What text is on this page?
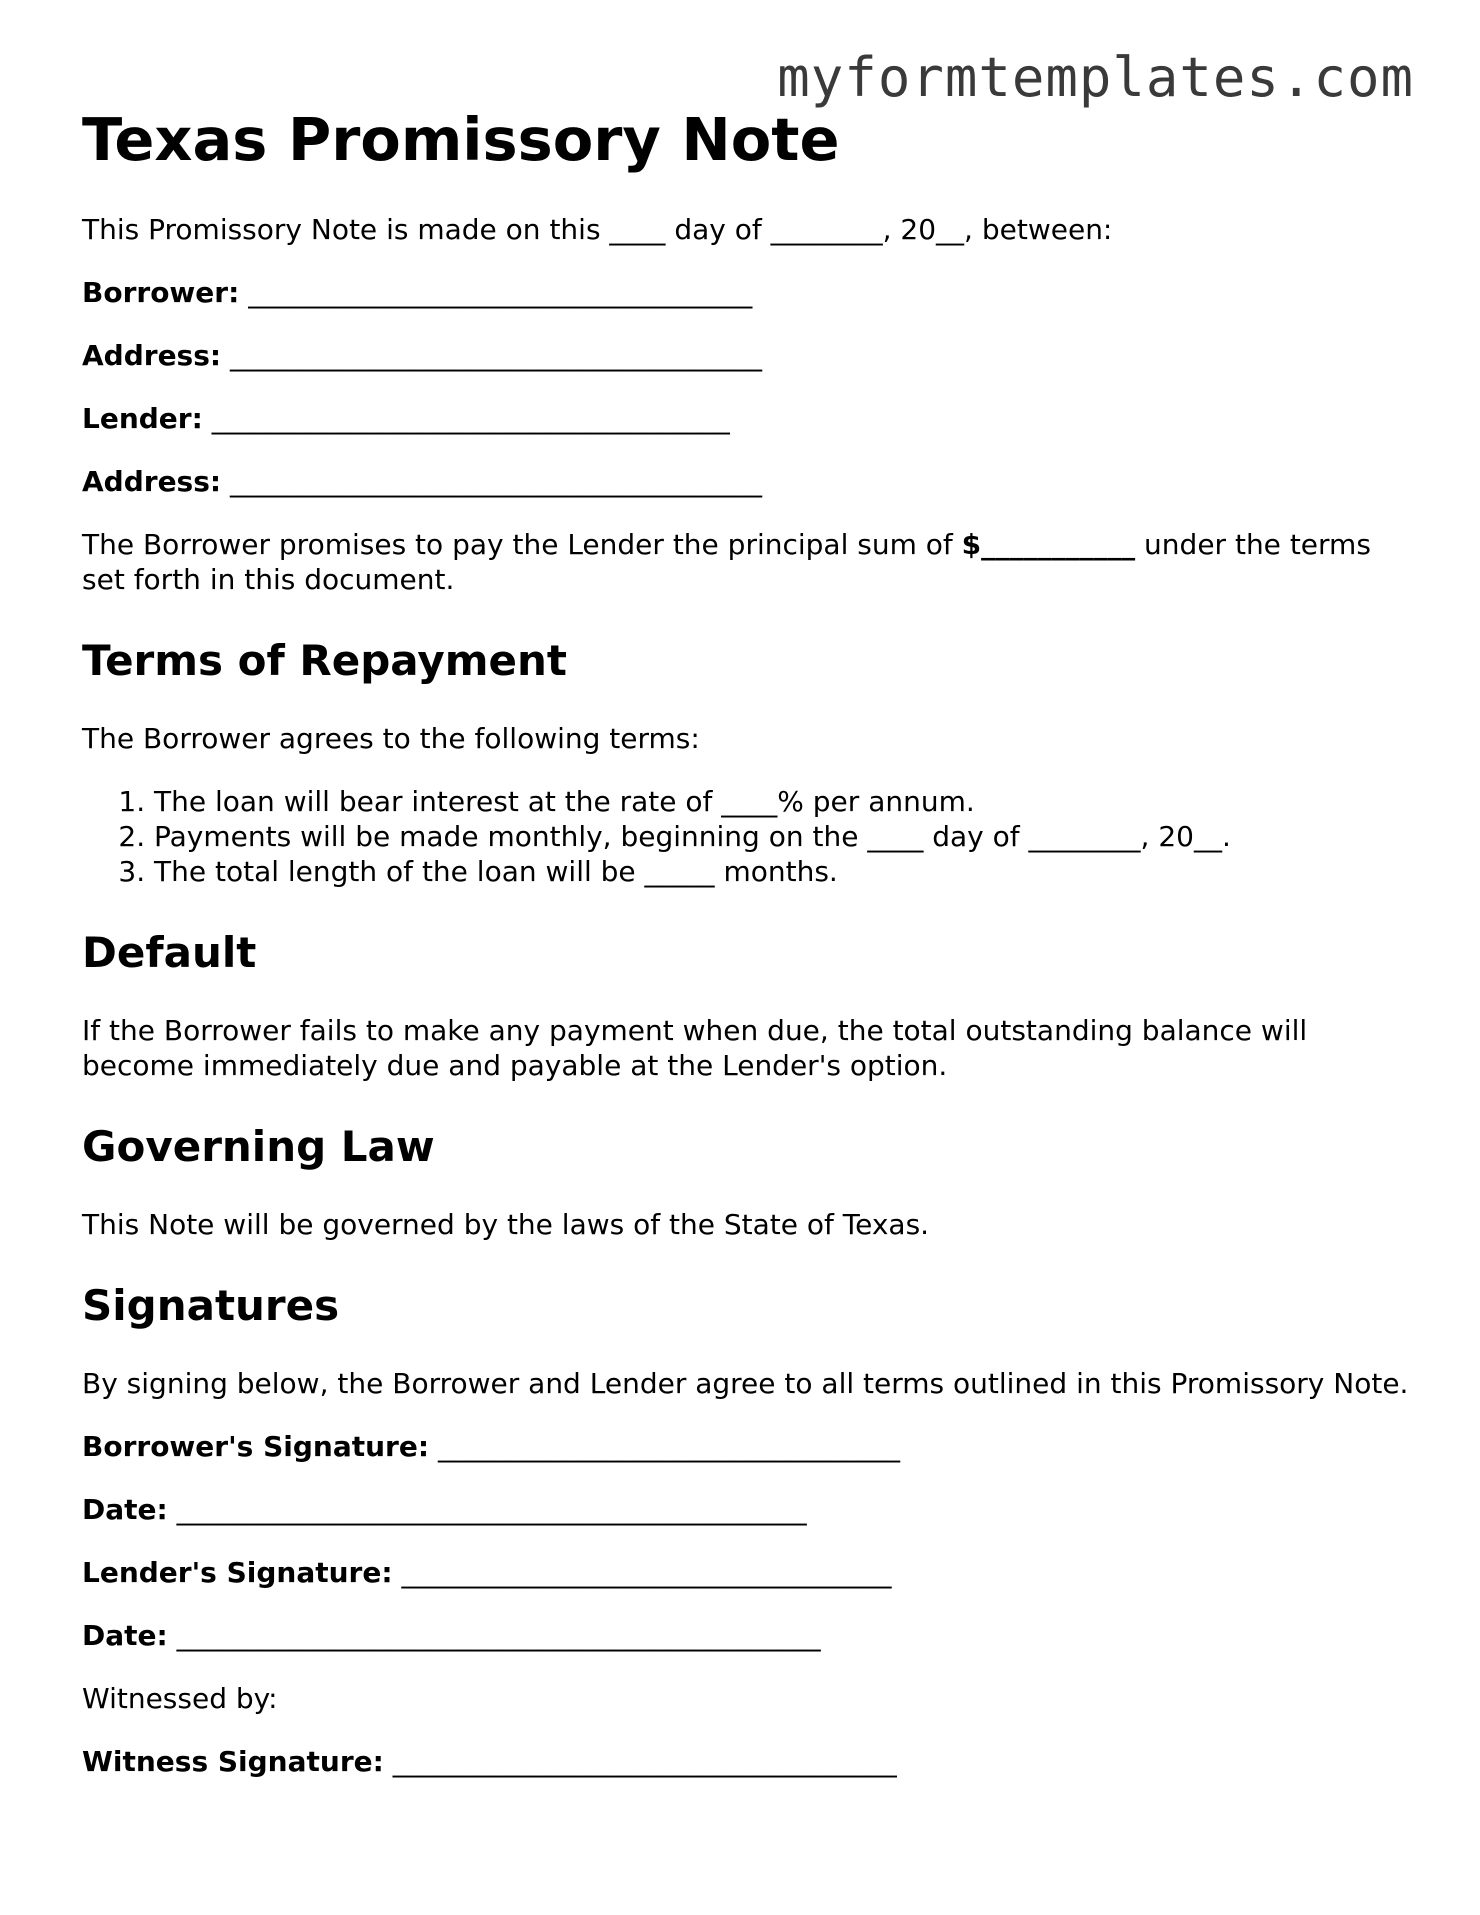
myformtemplates.com
Texas Promissory Note

This Promissory Note is made on this ____ day of ________, 20__, between:

Borrower: ____________________________________
Address: ______________________________________
Lender: _____________________________________
Address: ______________________________________

The Borrower promises to pay the Lender the principal sum of $___________ under the terms set forth in this document.

Terms of Repayment

The Borrower agrees to the following terms:

1. The loan will bear interest at the rate of ____% per annum.
2. Payments will be made monthly, beginning on the ____ day of ________, 20__.
3. The total length of the loan will be _____ months.
Default

If the Borrower fails to make any payment when due, the total outstanding balance will become immediately due and payable at the Lender's option.

Governing Law

This Note will be governed by the laws of the State of Texas.

Signatures

By signing below, the Borrower and Lender agree to all terms outlined in this Promissory Note.

Borrower's Signature: _________________________________
Date: _____________________________________________
Lender's Signature: ___________________________________
Date: ______________________________________________

Witnessed by:

Witness Signature: ____________________________________
